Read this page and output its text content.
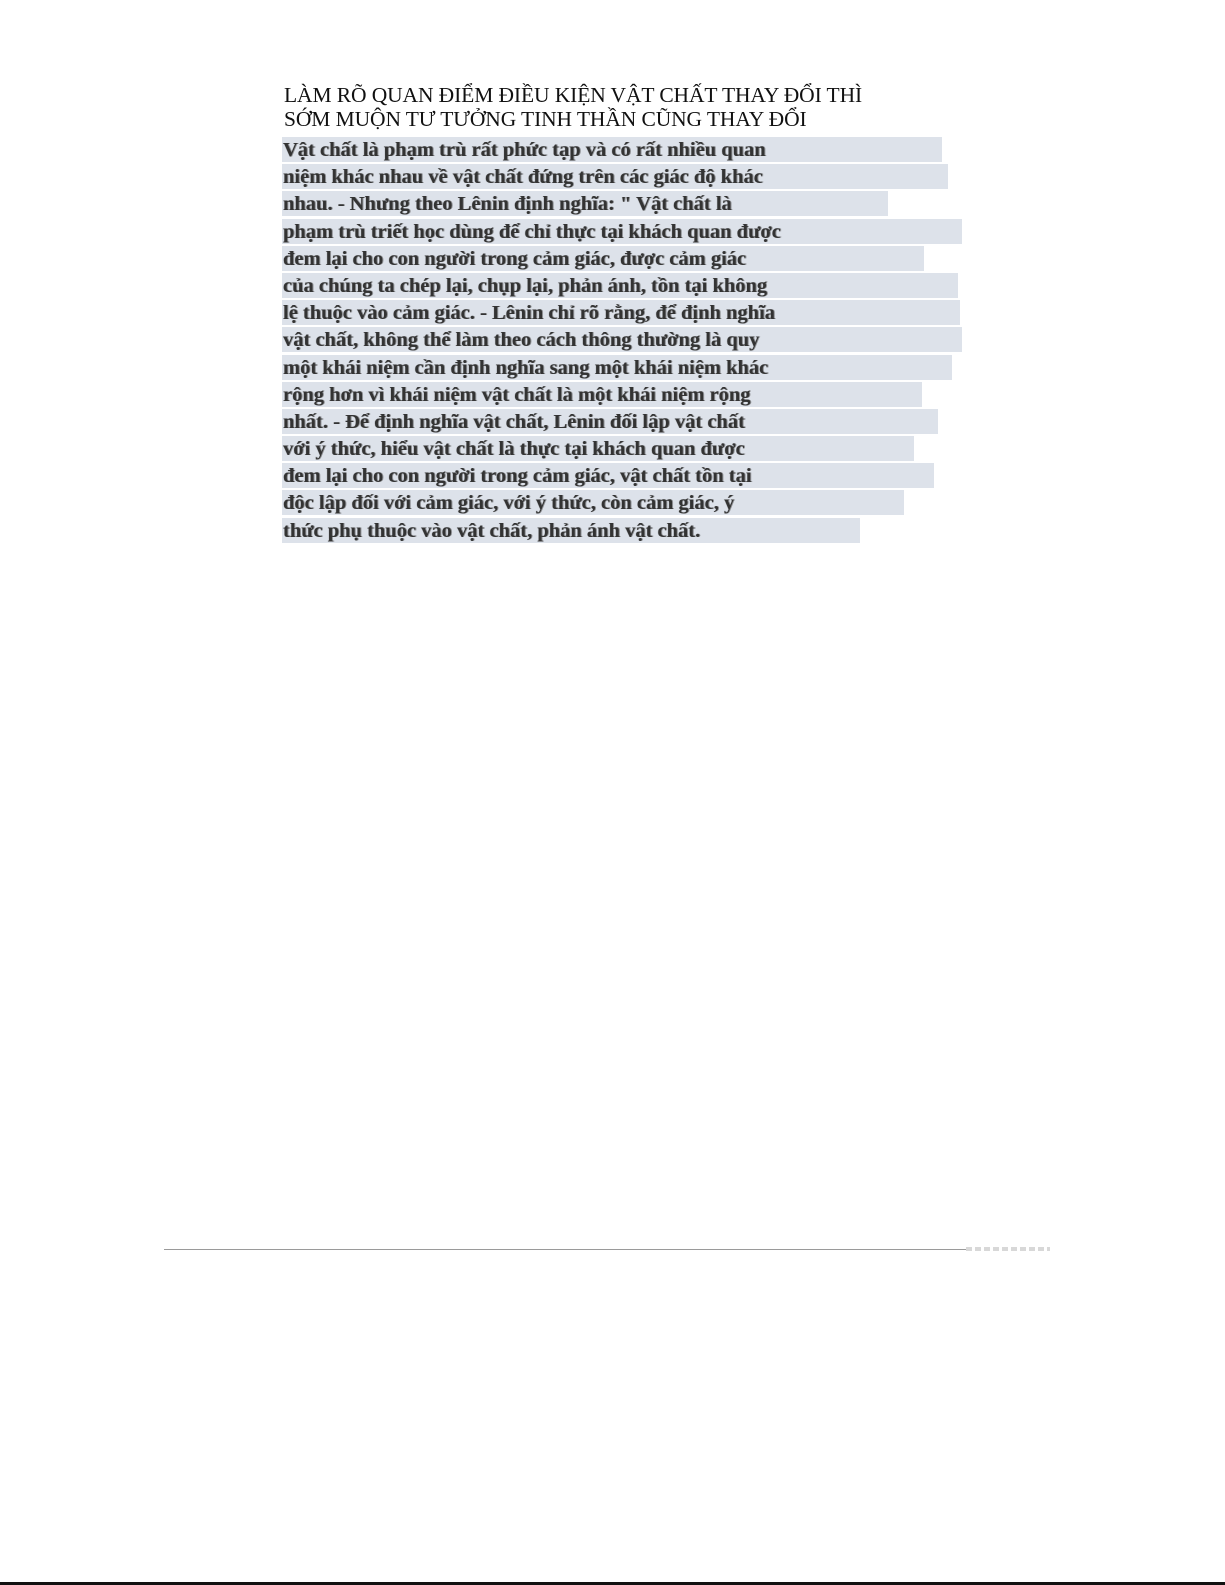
LÀM RÕ QUAN ĐIỂM ĐIỀU KIỆN VẬT CHẤT THAY ĐỔI THÌ
SỚM MUỘN TƯ TƯỞNG TINH THẦN CŨNG THAY ĐỔI
Vật chất là phạm trù rất phức tạp và có rất nhiều quan
niệm khác nhau về vật chất đứng trên các giác độ khác
nhau. - Nhưng theo Lênin định nghĩa: " Vật chất là
phạm trù triết học dùng để chỉ thực tại khách quan được
đem lại cho con người trong cảm giác, được cảm giác
của chúng ta chép lại, chụp lại, phản ánh, tồn tại không
lệ thuộc vào cảm giác. - Lênin chỉ rõ rằng, để định nghĩa
vật chất, không thể làm theo cách thông thường là quy
một khái niệm cần định nghĩa sang một khái niệm khác
rộng hơn vì khái niệm vật chất là một khái niệm rộng
nhất. - Để định nghĩa vật chất, Lênin đối lập vật chất
với ý thức, hiểu vật chất là thực tại khách quan được
đem lại cho con người trong cảm giác, vật chất tồn tại
độc lập đối với cảm giác, với ý thức, còn cảm giác, ý
thức phụ thuộc vào vật chất, phản ánh vật chất.
